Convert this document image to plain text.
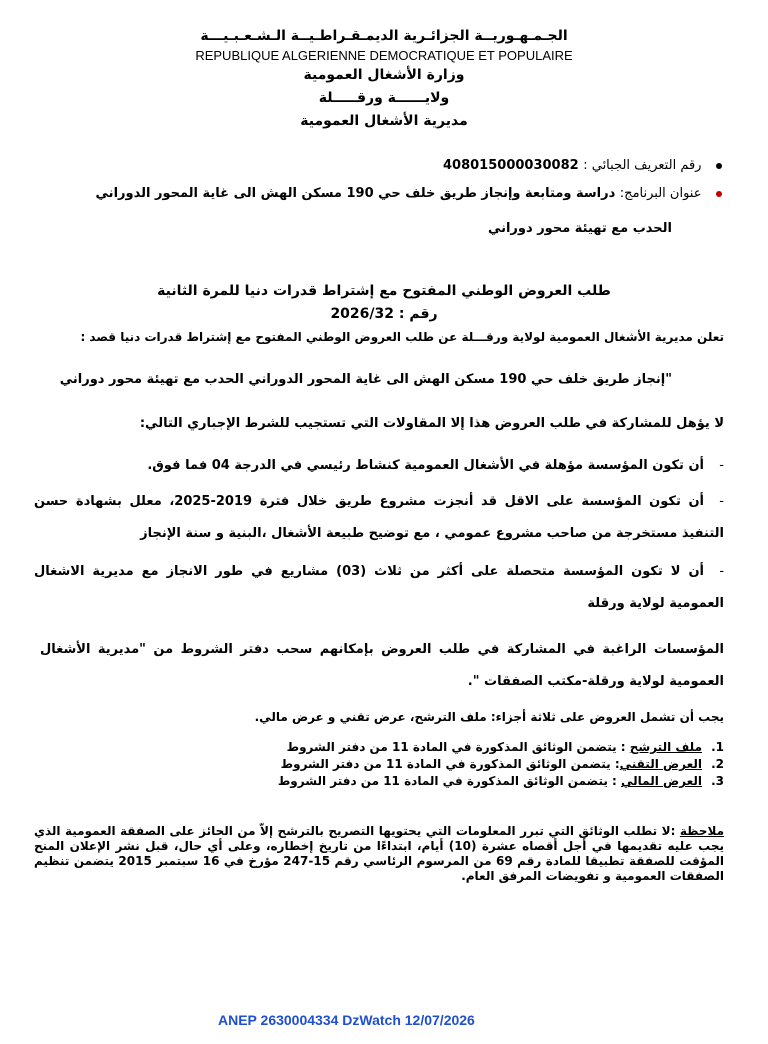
الجـمـهـوريــة الجزائـرية الديمـقـراطـيــة الـشـعـبـيـــة
REPUBLIQUE ALGERIENNE DEMOCRATIQUE ET POPULAIRE
وزارة الأشغال العمومية
ولايــــــة ورقـــــلة
مديرية الأشغال العمومية
رقم التعريف الجبائي : 408015000030082
عنوان البرنامج: دراسة ومتابعة وإنجاز طريق خلف حي 190 مسكن الهش الى غاية المحور الدوراني
الحدب مع تهيئة محور دوراني
طلب العروض الوطني المفتوح مع إشتراط قدرات دنيا للمرة الثانية
رقم : 2026/32
تعلن مديرية الأشغال العمومية لولاية ورقـــلة عن طلب العروض الوطني المفتوح مع إشتراط قدرات دنيا قصد :
"إنجاز طريق خلف حي 190 مسكن الهش الى غاية المحور الدوراني الحدب مع تهيئة محور دوراني
لا يؤهل للمشاركة في طلب العروض هذا إلا المقاولات التي تستجيب للشرط الإجباري التالي:
-أن تكون المؤسسة مؤهلة في الأشغال العمومية كنشاط رئيسي في الدرجة 04 فما فوق.
-أن تكون المؤسسة على الاقل قد أنجزت مشروع طريق خلال فترة 2019-2025، معلل بشهادة حسن التنفيذ مستخرجة من صاحب مشروع عمومي ، مع توضيح طبيعة الأشغال ،البنية و سنة الإنجاز
-أن لا تكون المؤسسة متحصلة على أكثر من ثلاث (03) مشاريع في طور الانجاز مع مديرية الاشغال العمومية لولاية ورقلة
المؤسسات الراغبة في المشاركة في طلب العروض بإمكانهم سحب دفتر الشروط من "مديرية الأشغال العمومية لولاية ورقلة-مكتب الصفقات ".
يجب أن تشمل العروض على ثلاثة أجزاء: ملف الترشح، عرض تقني و عرض مالي.
1.ملف الترشح : يتضمن الوثائق المذكورة في المادة 11 من دفتر الشروط
2.العرض التقني: يتضمن الوثائق المذكورة في المادة 11 من دفتر الشروط
3.العرض المالي : يتضمن الوثائق المذكورة في المادة 11 من دفتر الشروط
ملاحظة :لا تطلب الوثائق التي تبرر المعلومات التي يحتويها التصريح بالترشح إلاّ من الحائز على الصفقة العمومية الذي يجب عليه تقديمها في أجل أقصاه عشرة (10) أيام، ابتداءًا من تاريخ إخطاره، وعلى أي حال، قبل نشر الإعلان المنح المؤقت للصفقة تطبيقا للمادة رقم 69 من المرسوم الرئاسي رقم 15-247 مؤرخ في 16 سبتمبر 2015 يتضمن تنظيم الصفقات العمومية و تفويضات المرفق العام.
ANEP 2630004334 DzWatch 12/07/2026
